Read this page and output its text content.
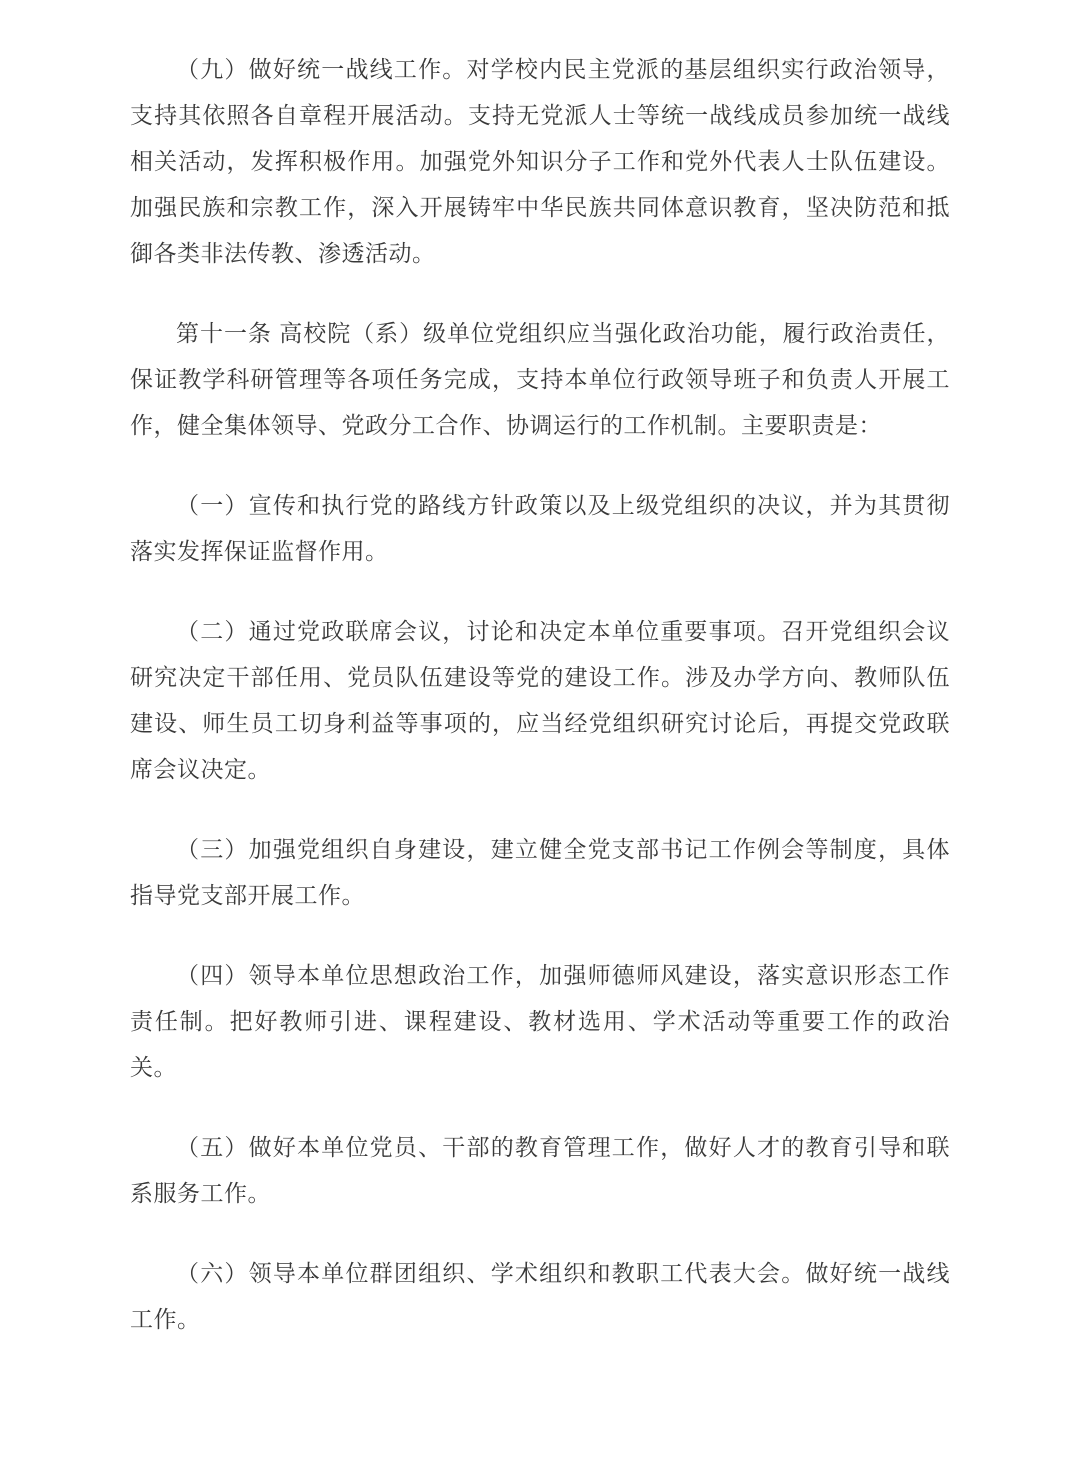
（九）做好统一战线工作。对学校内民主党派的基层组织实行政治领导，支持其依照各自章程开展活动。支持无党派人士等统一战线成员参加统一战线相关活动，发挥积极作用。加强党外知识分子工作和党外代表人士队伍建设。加强民族和宗教工作，深入开展铸牢中华民族共同体意识教育，坚决防范和抵御各类非法传教、渗透活动。

第十一条 高校院（系）级单位党组织应当强化政治功能，履行政治责任，保证教学科研管理等各项任务完成，支持本单位行政领导班子和负责人开展工作，健全集体领导、党政分工合作、协调运行的工作机制。主要职责是：

（一）宣传和执行党的路线方针政策以及上级党组织的决议，并为其贯彻落实发挥保证监督作用。

（二）通过党政联席会议，讨论和决定本单位重要事项。召开党组织会议研究决定干部任用、党员队伍建设等党的建设工作。涉及办学方向、教师队伍建设、师生员工切身利益等事项的，应当经党组织研究讨论后，再提交党政联席会议决定。

（三）加强党组织自身建设，建立健全党支部书记工作例会等制度，具体指导党支部开展工作。

（四）领导本单位思想政治工作，加强师德师风建设，落实意识形态工作责任制。把好教师引进、课程建设、教材选用、学术活动等重要工作的政治关。

（五）做好本单位党员、干部的教育管理工作，做好人才的教育引导和联系服务工作。

（六）领导本单位群团组织、学术组织和教职工代表大会。做好统一战线工作。
